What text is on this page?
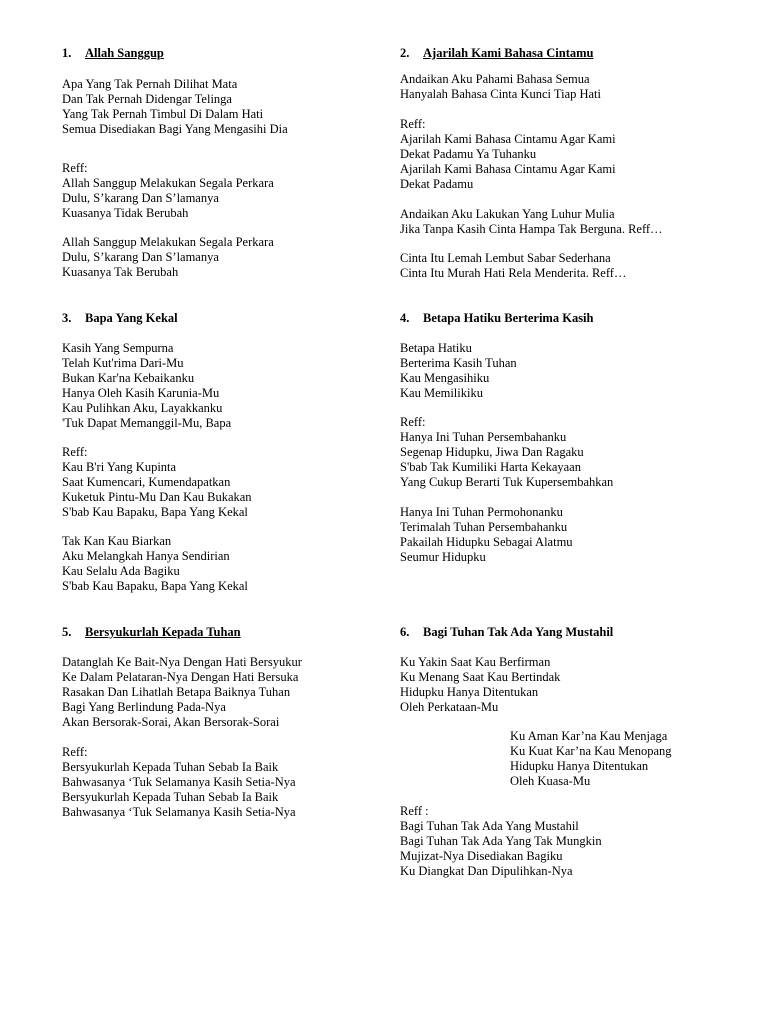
1. Allah Sanggup
Apa Yang Tak Pernah Dilihat Mata
Dan Tak Pernah Didengar Telinga
Yang Tak Pernah Timbul Di Dalam Hati
Semua Disediakan Bagi Yang Mengasihi Dia
Reff:
Allah Sanggup Melakukan Segala Perkara
Dulu, S’karang Dan S’lamanya
Kuasanya Tidak Berubah
Allah Sanggup Melakukan Segala Perkara
Dulu, S’karang Dan S’lamanya
Kuasanya Tak Berubah
2. Ajarilah Kami Bahasa Cintamu
Andaikan Aku Pahami Bahasa Semua
Hanyalah Bahasa Cinta Kunci Tiap Hati
Reff:
Ajarilah Kami Bahasa Cintamu Agar Kami
Dekat Padamu Ya Tuhanku
Ajarilah Kami Bahasa Cintamu Agar Kami
Dekat Padamu
Andaikan Aku Lakukan Yang Luhur Mulia
Jika Tanpa Kasih Cinta Hampa Tak Berguna. Reff…
Cinta Itu Lemah Lembut Sabar Sederhana
Cinta Itu Murah Hati Rela Menderita. Reff…
3. Bapa Yang Kekal
Kasih Yang Sempurna
Telah Kut'rima Dari-Mu
Bukan Kar'na Kebaikanku
Hanya Oleh Kasih Karunia-Mu
Kau Pulihkan Aku, Layakkanku
'Tuk Dapat Memanggil-Mu, Bapa
Reff:
Kau B'ri Yang Kupinta
Saat Kumencari, Kumendapatkan
Kuketuk Pintu-Mu Dan Kau Bukakan
S'bab Kau Bapaku, Bapa Yang Kekal
Tak Kan Kau Biarkan
Aku Melangkah Hanya Sendirian
Kau Selalu Ada Bagiku
S'bab Kau Bapaku, Bapa Yang Kekal
4. Betapa Hatiku Berterima Kasih
Betapa Hatiku
Berterima Kasih Tuhan
Kau Mengasihiku
Kau Memilikiku
Reff:
Hanya Ini Tuhan Persembahanku
Segenap Hidupku, Jiwa Dan Ragaku
S'bab Tak Kumiliki Harta Kekayaan
Yang Cukup Berarti Tuk Kupersembahkan
Hanya Ini Tuhan Permohonanku
Terimalah Tuhan Persembahanku
Pakailah Hidupku Sebagai Alatmu
Seumur Hidupku
5. Bersyukurlah Kepada Tuhan
Datanglah Ke Bait-Nya Dengan Hati Bersyukur
Ke Dalam Pelataran-Nya Dengan Hati Bersuka
Rasakan Dan Lihatlah Betapa Baiknya Tuhan
Bagi Yang Berlindung Pada-Nya
Akan Bersorak-Sorai, Akan Bersorak-Sorai
Reff:
Bersyukurlah Kepada Tuhan Sebab Ia Baik
Bahwasanya ‘Tuk Selamanya Kasih Setia-Nya
Bersyukurlah Kepada Tuhan Sebab Ia Baik
Bahwasanya ‘Tuk Selamanya Kasih Setia-Nya
6. Bagi Tuhan Tak Ada Yang Mustahil
Ku Yakin Saat Kau Berfirman
Ku Menang Saat Kau Bertindak
Hidupku Hanya Ditentukan
Oleh Perkataan-Mu
Ku Aman Kar’na Kau Menjaga
Ku Kuat Kar’na Kau Menopang
Hidupku Hanya Ditentukan
Oleh Kuasa-Mu
Reff :
Bagi Tuhan Tak Ada Yang Mustahil
Bagi Tuhan Tak Ada Yang Tak Mungkin
Mujizat-Nya Disediakan Bagiku
Ku Diangkat Dan Dipulihkan-Nya
